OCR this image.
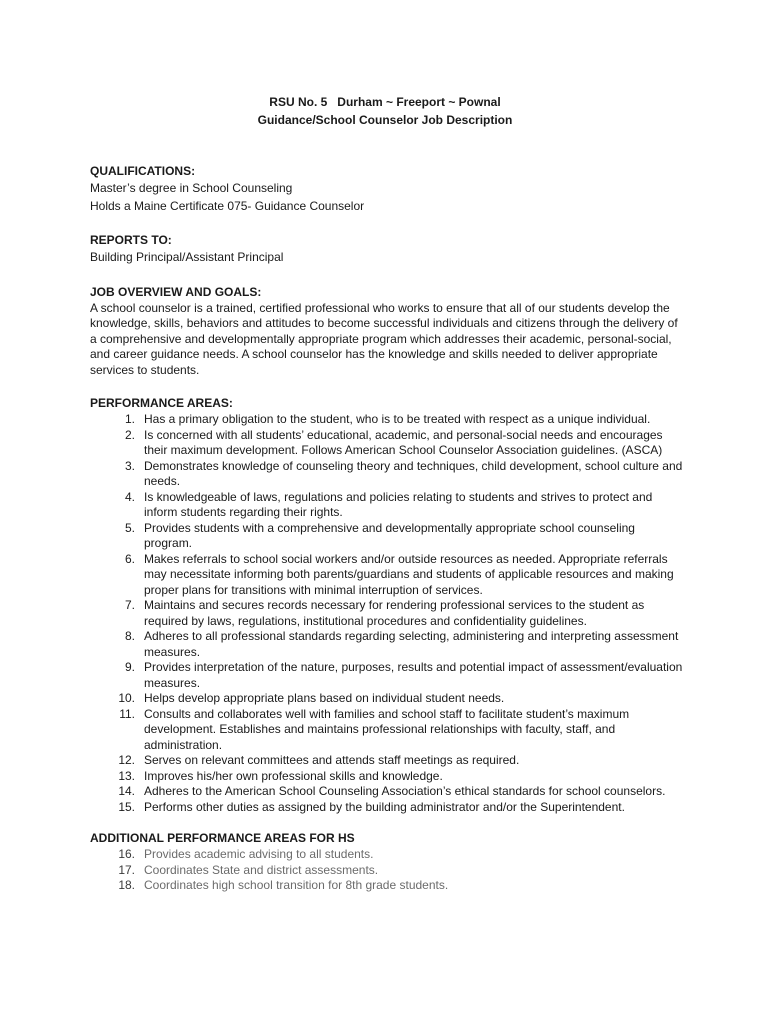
RSU No. 5   Durham ~ Freeport ~ Pownal
Guidance/School Counselor Job Description

QUALIFICATIONS:

Master’s degree in School Counseling

Holds a Maine Certificate 075- Guidance Counselor

REPORTS TO:

Building Principal/Assistant Principal

JOB OVERVIEW AND GOALS:

A school counselor is a trained, certified professional who works to ensure that all of our students develop the knowledge, skills, behaviors and attitudes to become successful individuals and citizens through the delivery of a comprehensive and developmentally appropriate program which addresses their academic, personal-social, and career guidance needs. A school counselor has the knowledge and skills needed to deliver appropriate services to students.

PERFORMANCE AREAS:

1. Has a primary obligation to the student, who is to be treated with respect as a unique individual.
2. Is concerned with all students’ educational, academic, and personal-social needs and encourages their maximum development. Follows American School Counselor Association guidelines. (ASCA)
3. Demonstrates knowledge of counseling theory and techniques, child development, school culture and needs.
4. Is knowledgeable of laws, regulations and policies relating to students and strives to protect and inform students regarding their rights.
5. Provides students with a comprehensive and developmentally appropriate school counseling program.
6. Makes referrals to school social workers and/or outside resources as needed. Appropriate referrals may necessitate informing both parents/guardians and students of applicable resources and making proper plans for transitions with minimal interruption of services.
7. Maintains and secures records necessary for rendering professional services to the student as required by laws, regulations, institutional procedures and confidentiality guidelines.
8. Adheres to all professional standards regarding selecting, administering and interpreting assessment measures.
9. Provides interpretation of the nature, purposes, results and potential impact of assessment/evaluation measures.
10. Helps develop appropriate plans based on individual student needs.
11. Consults and collaborates well with families and school staff to facilitate student’s maximum development. Establishes and maintains professional relationships with faculty, staff, and administration.
12. Serves on relevant committees and attends staff meetings as required.
13. Improves his/her own professional skills and knowledge.
14. Adheres to the American School Counseling Association’s ethical standards for school counselors.
15. Performs other duties as assigned by the building administrator and/or the Superintendent.

ADDITIONAL PERFORMANCE AREAS FOR HS

16. Provides academic advising to all students.
17. Coordinates State and district assessments.
18. Coordinates high school transition for 8th grade students.
